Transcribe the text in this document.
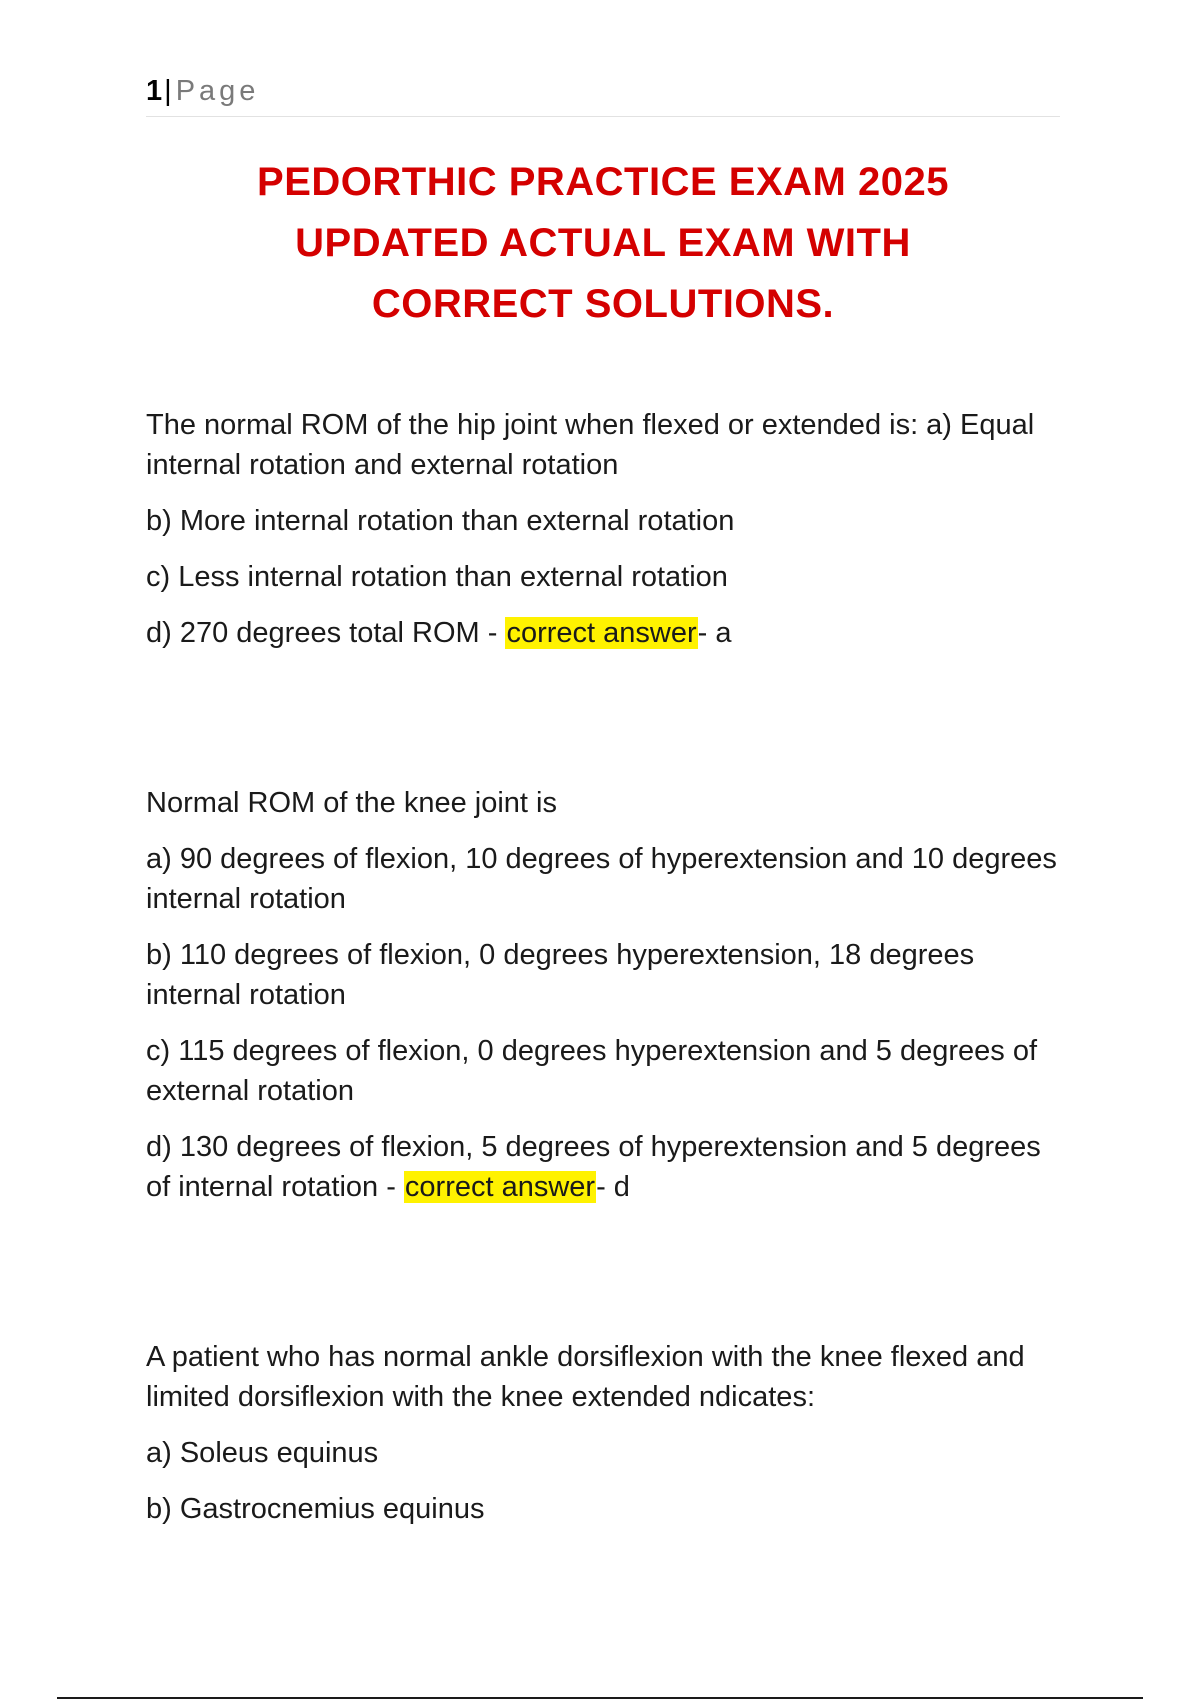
1| Page
PEDORTHIC PRACTICE EXAM 2025
UPDATED ACTUAL EXAM WITH
CORRECT SOLUTIONS.

The normal ROM of the hip joint when flexed or extended is: a) Equal internal rotation and external rotation

b) More internal rotation than external rotation

c) Less internal rotation than external rotation

d) 270 degrees total ROM - correct answer- a

Normal ROM of the knee joint is

a) 90 degrees of flexion, 10 degrees of hyperextension and 10 degrees internal rotation

b) 110 degrees of flexion, 0 degrees hyperextension, 18 degrees internal rotation

c) 115 degrees of flexion, 0 degrees hyperextension and 5 degrees of external rotation

d) 130 degrees of flexion, 5 degrees of hyperextension and 5 degrees of internal rotation - correct answer- d

A patient who has normal ankle dorsiflexion with the knee flexed and limited dorsiflexion with the knee extended ndicates:

a) Soleus equinus

b) Gastrocnemius equinus
